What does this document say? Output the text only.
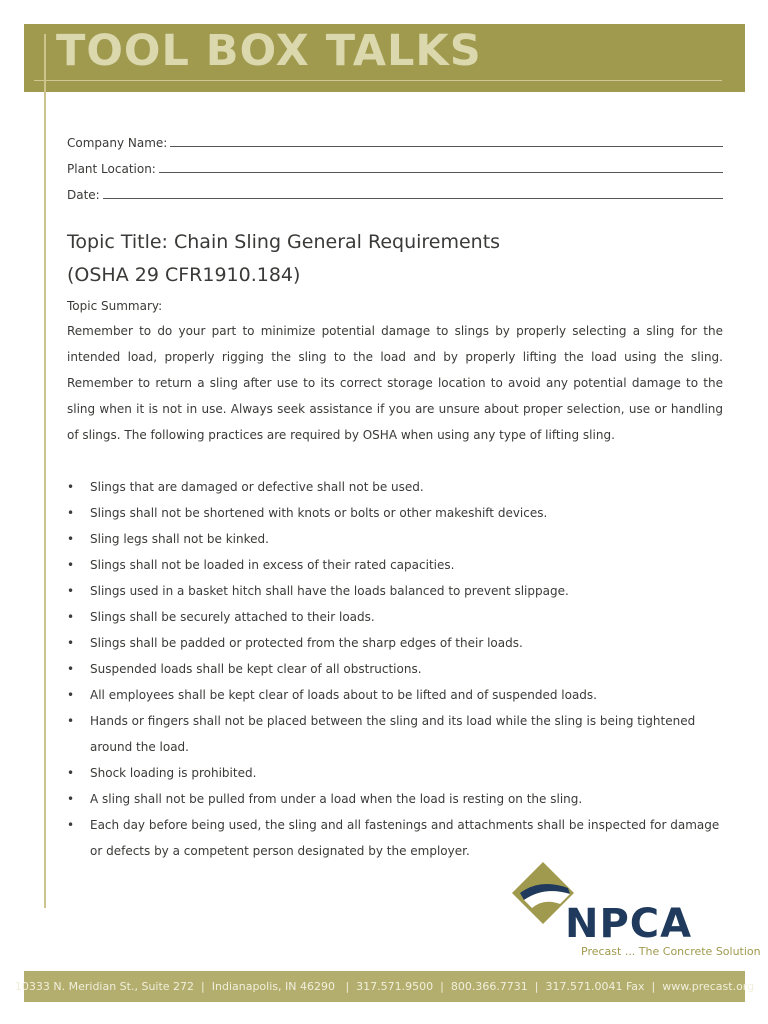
TOOL BOX TALKS
Company Name:
Plant Location:
Date:
Topic Title: Chain Sling General Requirements
(OSHA 29 CFR1910.184)
Topic Summary:
Remember to do your part to minimize potential damage to slings by properly selecting a sling for the intended load, properly rigging the sling to the load and by properly lifting the load using the sling. Remember to return a sling after use to its correct storage location to avoid any potential damage to the sling when it is not in use. Always seek assistance if you are unsure about proper selection, use or handling of slings. The following practices are required by OSHA when using any type of lifting sling.
• Slings that are damaged or defective shall not be used.
• Slings shall not be shortened with knots or bolts or other makeshift devices.
• Sling legs shall not be kinked.
• Slings shall not be loaded in excess of their rated capacities.
• Slings used in a basket hitch shall have the loads balanced to prevent slippage.
• Slings shall be securely attached to their loads.
• Slings shall be padded or protected from the sharp edges of their loads.
• Suspended loads shall be kept clear of all obstructions.
• All employees shall be kept clear of loads about to be lifted and of suspended loads.
• Hands or fingers shall not be placed between the sling and its load while the sling is being tightened around the load.
• Shock loading is prohibited.
• A sling shall not be pulled from under a load when the load is resting on the sling.
• Each day before being used, the sling and all fastenings and attachments shall be inspected for damage or defects by a competent person designated by the employer.
NPCA
Precast ... The Concrete Solution
10333 N. Meridian St., Suite 272  |  Indianapolis, IN 46290   |  317.571.9500  |  800.366.7731  |  317.571.0041 Fax  |  www.precast.org
